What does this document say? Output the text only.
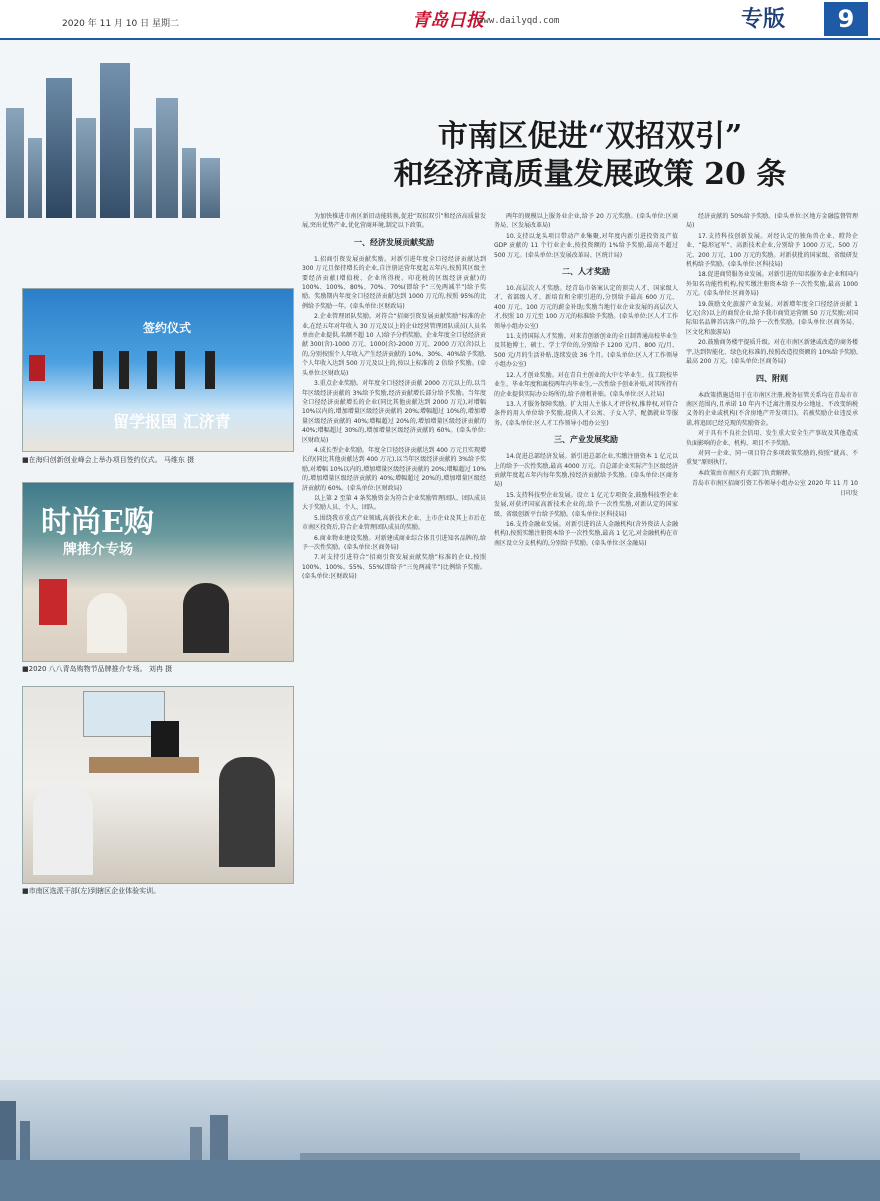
2020 年 11 月 10 日 星期二	青岛日报
www.dailyqd.com	专版	9
市南区促进“双招双引”
和经济高质量发展政策 20 条
签约仪式
留学报国 汇济青
■在海归创新创业峰会上举办项目签约仪式。 马维东 摄
时尚E购
牌推介专场
■2020 八八青岛购物节品牌推介专场。 刘冉 摄
■市南区选派干部(左)到辖区企业体验实训。

为加快推进市南区新旧动能转换,促进“双招双引”和经济高质量发展,突出优势产业,优化营商环境,制定以下政策。

一、经济发展贡献奖励

1.招商引资发展贡献奖励。对新引进年度全口径经济贡献达到 300 万元且保持增长的企业,自注册运营年度起五年内,按照其区级主要经济贡献(增值税、企业所得税、印花税的区级经济贡献)的 100%、100%、80%、70%、70%(即给予“三免两减半”)给予奖励。奖励期内年度全口径经济贡献达到 1000 万元的,按照 95%的比例给予奖励一年。(牵头单位:区财政局)

2.企业管理团队奖励。对符合“招商引资发展贡献奖励”标准的企业,在经五年对年收入 30 万元及以上的企业经营管理团队成员(人员名单由企业提供,名额不超 10 人)给予分档奖励。企业年度全口径经济贡献 300(含)-1000 万元、1000(含)-2000 万元、2000 万元(含)以上的,分别按照个人年收入产生经济贡献的 10%、30%、40%给予奖励,个人年收入达到 500 万元及以上的,按以上标准的 2 倍给予奖励。(牵头单位:区财政局)

3.重点企业奖励。对年度全口径经济贡献 2000 万元以上的,以当年区级经济贡献的 3%给予奖励,经济贡献增长部分给予奖励。当年度全口径经济贡献增长的企业(同比其他贡献达到 2000 万元),对增幅 10%以内的,增加增量区级经济贡献的 20%;增幅超过 10%的,增加增量区级经济贡献的 40%;增幅超过 20%的,增加增量区级经济贡献的 40%;增幅超过 30%的,增加增量区级经济贡献的 60%。(牵头单位:区财政局)

4.成长型企业奖励。年度全口径经济贡献达到 400 万元且实现增长的(同比其他贡献达到 400 万元),以当年区级经济贡献的 3%给予奖励,对增幅 10%以内的,增加增量区级经济贡献的 20%;增幅超过 10%的,增加增量区级经济贡献的 40%;增幅超过 20%的,增加增量区级经济贡献的 60%。(牵头单位:区财政局)

以上第 2 至第 4 条奖励资金为符合企业奖励管理团队、团队成员大于奖励人员、个人、团队。

5.围绕我市重点产业领域,高新技术企业、上市企业及其上市后在市南区投资后,符合企业管理团队成员的奖励。

6.商业物业建设奖励。对新建成商业综合体且引进知名品牌的,给予一次性奖励。(牵头单位:区商务局)

7.对支持引进符合“招商引资发展贡献奖励”标准的企业,按照 100%、100%、55%、55%(即给予“三免两减半”)比例给予奖励。(牵头单位:区财政局)

两年的规模以上服务业企业,给予 20 万元奖励。(牵头单位:区商务局、区发展改革局)

10.支持以龙头项目带动产业集聚,对年度内新引进投资及产值 GDP 贡献的 11 个行业企业,按投资额的 1%给予奖励,最高不超过 500 万元。(牵头单位:区发展改革局、区统计局)

二、人才奖励

10.高层次人才奖励。经青岛市备案认定的顶尖人才、国家级人才、省部级人才、新培育和全职引进的,分别给予最高 600 万元、400 万元、100 万元的薪金补助;奖励当地行业企业发展的高层次人才,按照 10 万元至 100 万元的标准给予奖励。(牵头单位:区人才工作领导小组办公室)

11.支持国际人才奖励。对来青创新创业的全日制普通高校毕业生及其他博士、硕士、学士学位的,分别给予 1200 元/月、800 元/月、500 元/月的生活补贴,连续发放 36 个月。(牵头单位:区人才工作领导小组办公室)

12.人才创业奖励。对在青自主创业的大中专毕业生、技工院校毕业生、毕业年度和离校两年内毕业生,一次性给予创业补贴,对其所持有的企业提供实际办公场所的,给予房租补贴。(牵头单位:区人社局)

13.人才服务保障奖励。扩大用人主体人才评价权,推荐权,对符合条件的用人单位给予奖励,提供人才公寓、子女入学、配偶就业等服务。(牵头单位:区人才工作领导小组办公室)

三、产业发展奖励

14.促进总部经济发展。新引进总部企业,实缴注册资本 1 亿元以上的给予一次性奖励,最高 4000 万元。自总部企业实际产生区级经济贡献年度起五年内每年奖励,按经济贡献给予奖励。(牵头单位:区商务局)

15.支持科技型企业发展。设立 1 亿元专项资金,鼓励科技型企业发展,对获评国家高新技术企业的,给予一次性奖励,对新认定的国家级、省级创新平台给予奖励。(牵头单位:区科技局)

16.支持金融业发展。对新引进的法人金融机构(含外资法人金融机构),按照实缴注册资本给予一次性奖励,最高 1 亿元,对金融机构在市南区设立分支机构的,分别给予奖励。(牵头单位:区金融局)

经济贡献的 50%给予奖励。(牵头单位:区地方金融监督管理局)

17.支持科技创新发展。对经认定的独角兽企业、瞪羚企业、“隐形冠军”、高新技术企业,分别给予 1000 万元、500 万元、200 万元、100 万元的奖励。对新获批的国家级、省级研发机构给予奖励。(牵头单位:区科技局)

18.促进商贸服务业发展。对新引进的知名服务业企业和国内外知名功能性机构,按实缴注册资本给予一次性奖励,最高 1000 万元。(牵头单位:区商务局)

19.鼓励文化旅游产业发展。对新增年度全口径经济贡献 1 亿元(含)以上的商贸企业,给予我市商贸运营额 50 万元奖励;对国际知名品牌首店落户的,给予一次性奖励。(牵头单位:区商务局、区文化和旅游局)

20.鼓励商务楼宇提质升级。对在市南区新建或改造的商务楼宇,达到智能化、绿色化标准的,按照改造投资额的 10%给予奖励,最高 200 万元。(牵头单位:区商务局)

四、附则

本政策措施适用于在市南区注册,税务征管关系均在青岛市市南区范围内,且承诺 10 年内不迁离注册及办公地址、不改变纳税义务的企业或机构(不含房地产开发项目)。若被奖励企业违反承诺,将追回已经兑现的奖励资金。

对于具有不良社会信用、发生重大安全生产事故及其他造成负面影响的企业、机构、项目不予奖励。

对同一企业、同一项目符合多项政策奖励的,按照“就高、不重复”原则执行。

本政策由市南区有关部门负责解释。

青岛市市南区招商引资工作领导小组办公室 2020 年 11 月 10 日印发
